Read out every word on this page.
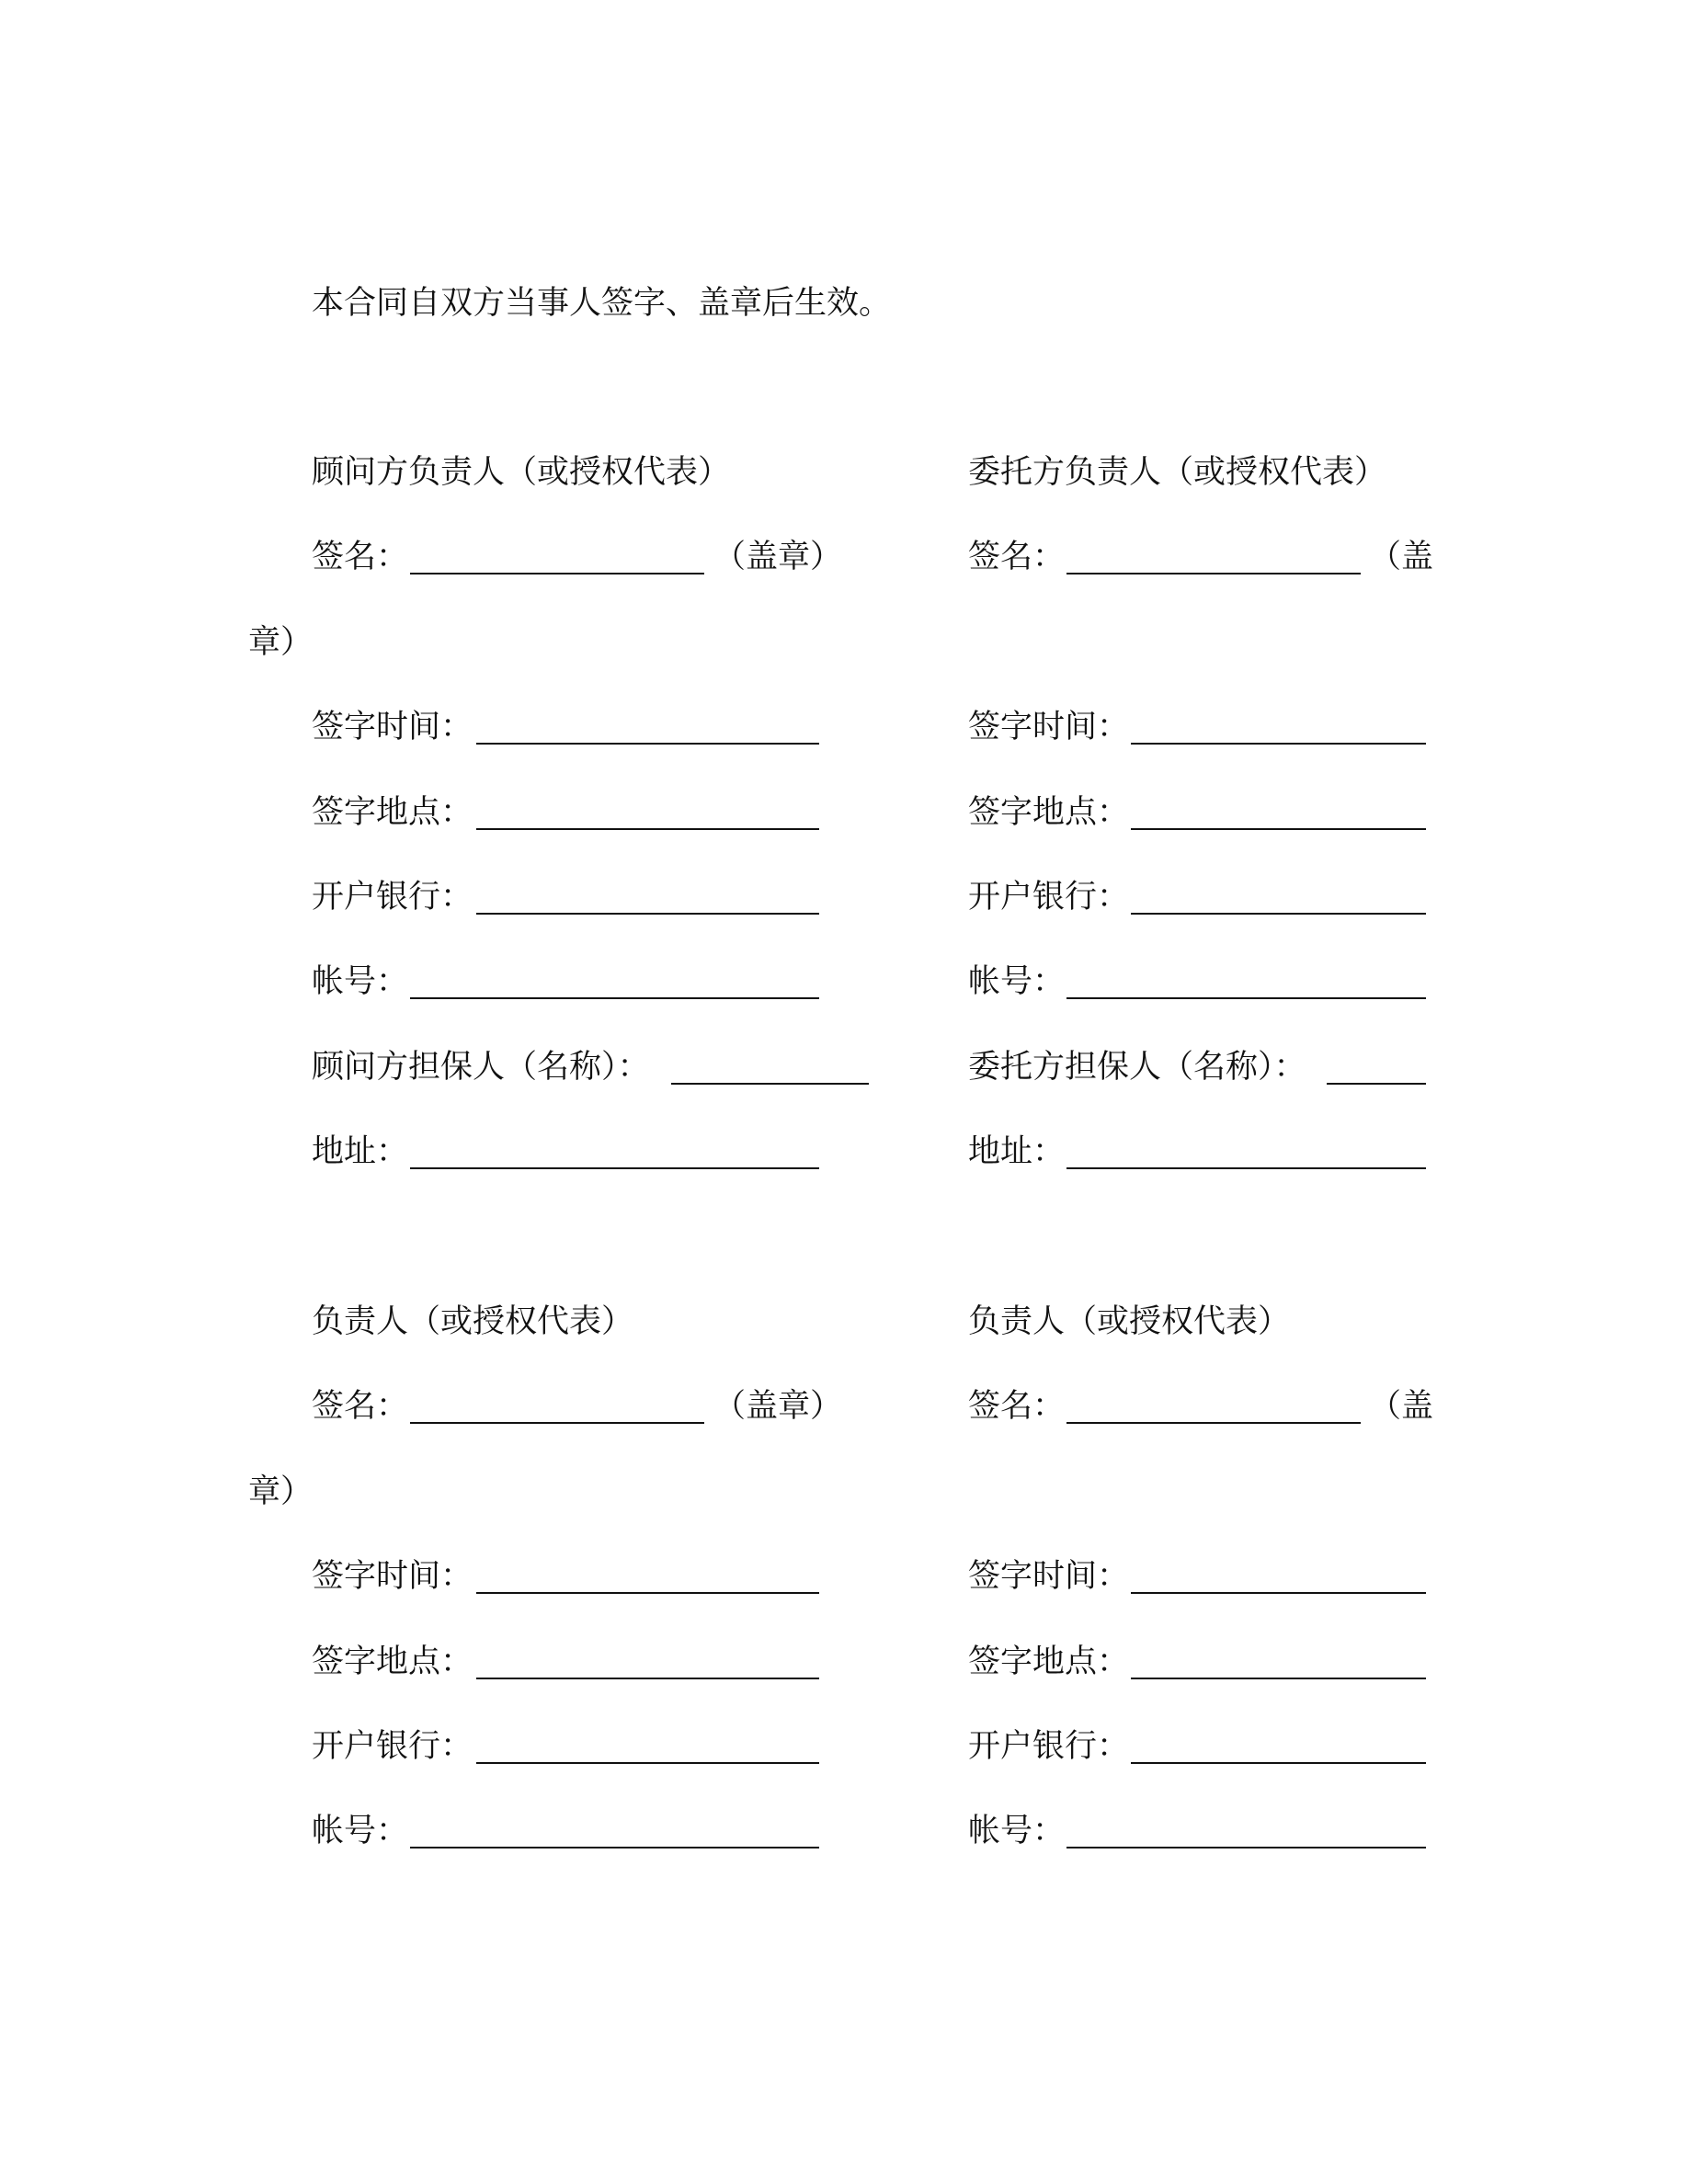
本合同自双方当事人签字、盖章后生效。
顾问方负责人（或授权代表）
签名：	（盖章）
章）
签字时间：
签字地点：
开户银行：
帐号：
顾问方担保人（名称）：
地址：
委托方负责人（或授权代表）
签名：	（盖
签字时间：
签字地点：
开户银行：
帐号：
委托方担保人（名称）：
地址：
负责人（或授权代表）
签名：	（盖章）
章）
签字时间：
签字地点：
开户银行：
帐号：
负责人（或授权代表）
签名：	（盖
签字时间：
签字地点：
开户银行：
帐号：
